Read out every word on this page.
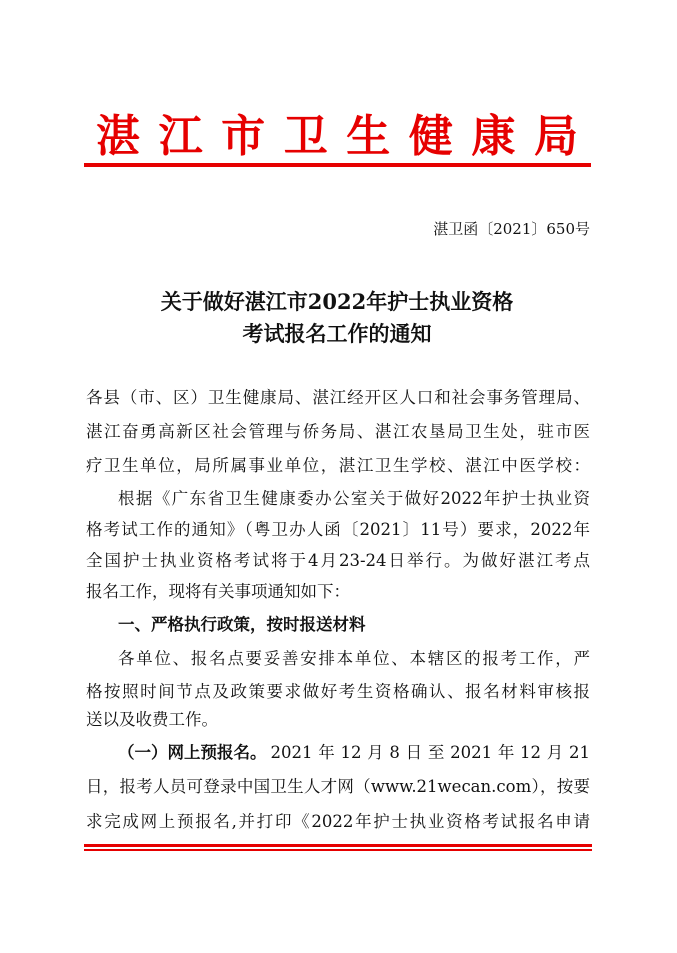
湛 江 市 卫 生 健 康 局
湛卫函〔2021〕650号
关于做好湛江市2022年护士执业资格
考试报名工作的通知
各县（市、区）卫生健康局、湛江经开区人口和社会事务管理局、
湛江奋勇高新区社会管理与侨务局、湛江农垦局卫生处，驻市医
疗卫生单位，局所属事业单位，湛江卫生学校、湛江中医学校：
根据《广东省卫生健康委办公室关于做好2022年护士执业资
格考试工作的通知》（粤卫办人函〔2021〕11号）要求，2022年
全国护士执业资格考试将于4月23-24日举行。为做好湛江考点
报名工作，现将有关事项通知如下：
一、严格执行政策，按时报送材料
各单位、报名点要妥善安排本单位、本辖区的报考工作，严
格按照时间节点及政策要求做好考生资格确认、报名材料审核报
送以及收费工作。
（一）网上预报名。 2021年12月8日至2021年12月21
日，报考人员可登录中国卫生人才网（www.21wecan.com），按要
求完成网上预报名,并打印《2022年护士执业资格考试报名申请
